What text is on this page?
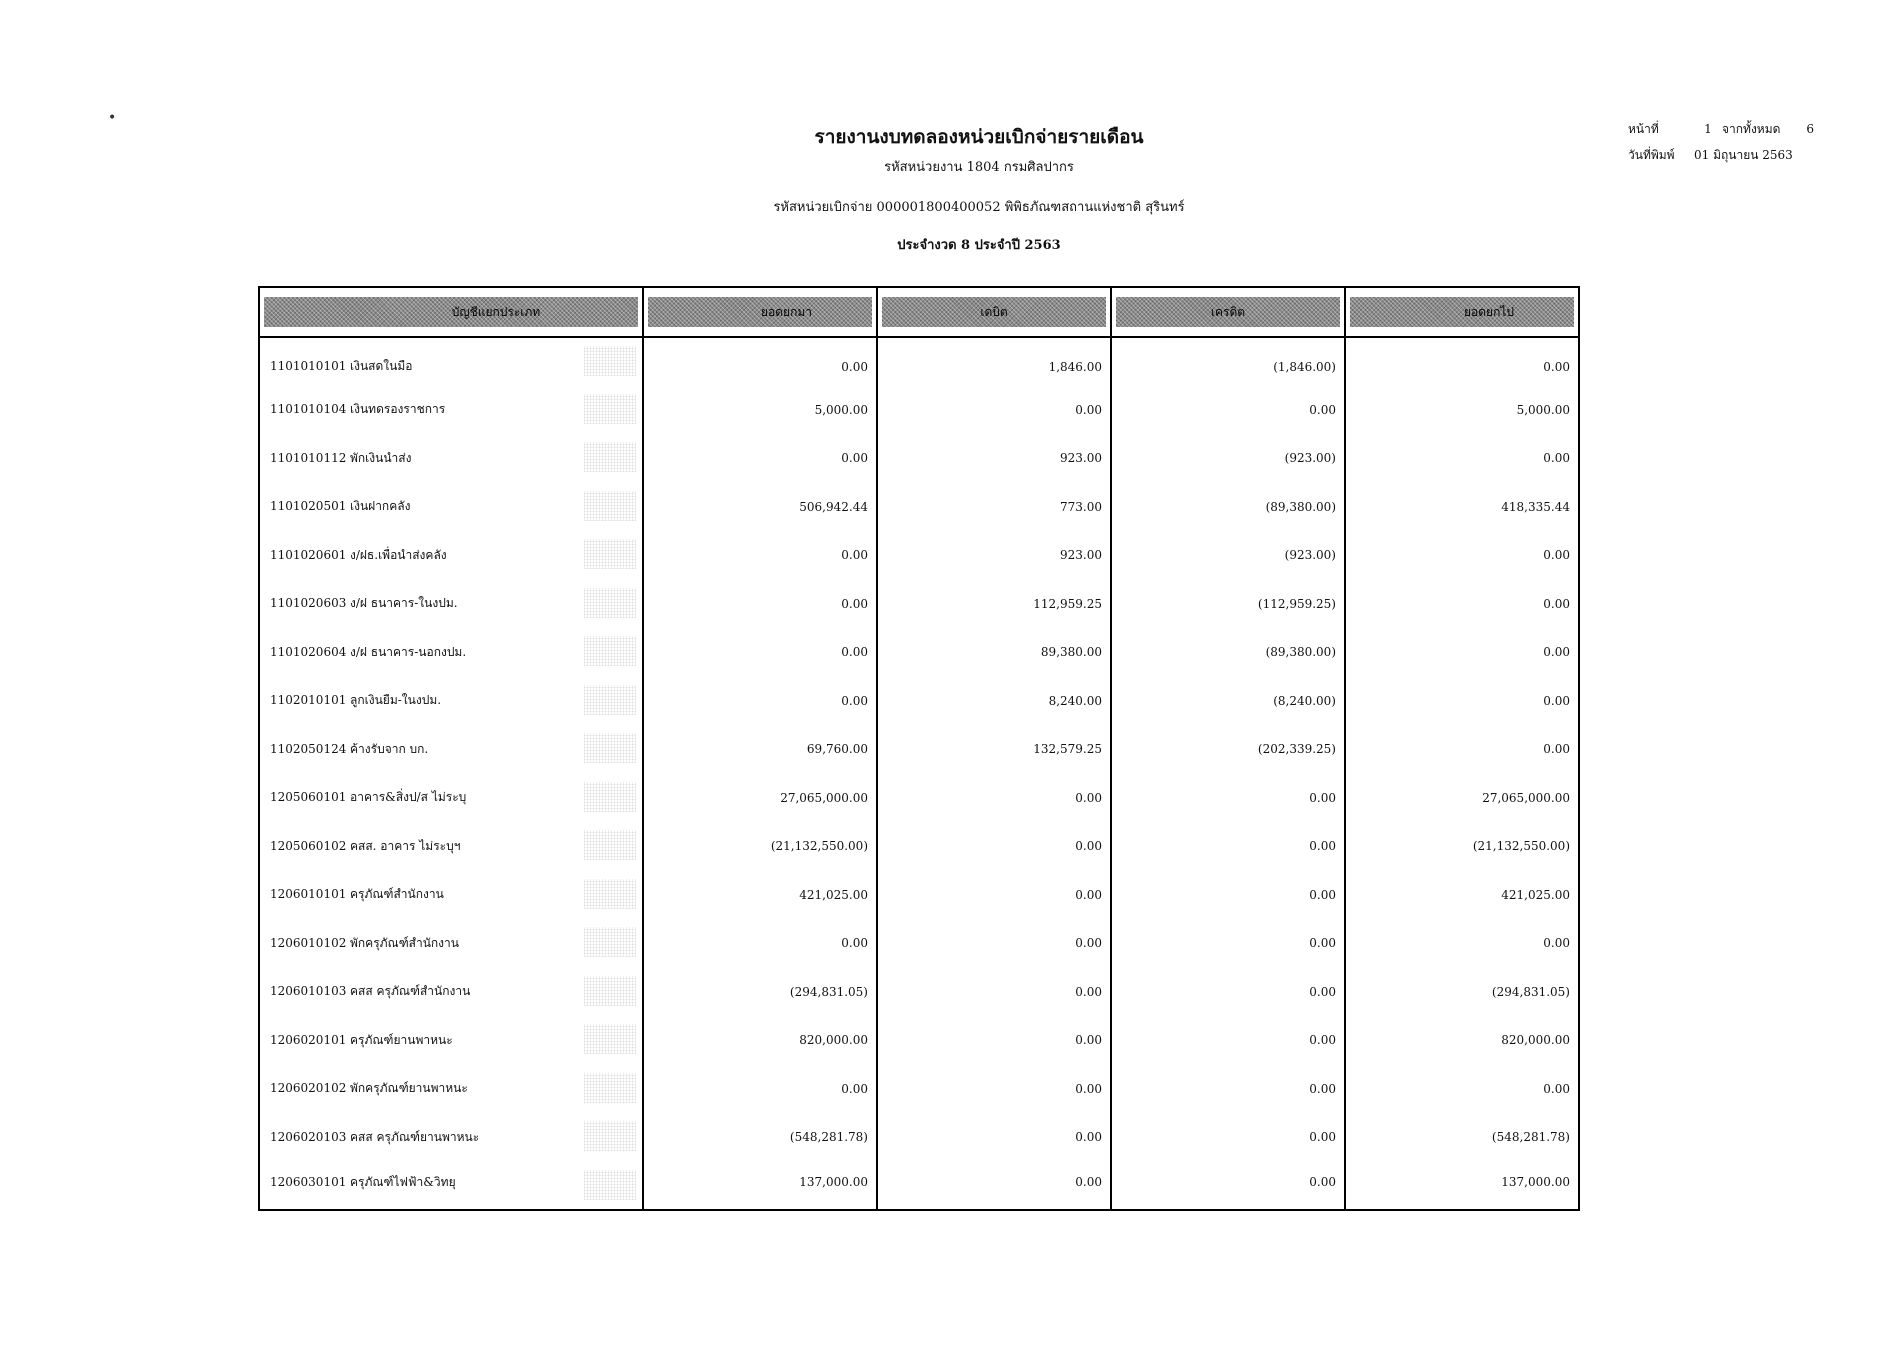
•
รายงานงบทดลองหน่วยเบิกจ่ายรายเดือน
รหัสหน่วยงาน 1804 กรมศิลปากร
รหัสหน่วยเบิกจ่าย 000001800400052 พิพิธภัณฑสถานแห่งชาติ สุรินทร์
ประจำงวด 8 ประจำปี 2563
หน้าที่	1 จากทั้งหมด 6
วันที่พิมพ์ 01 มิถุนายน 2563
บัญชีแยกประเภท	ยอดยกมา	เดบิต	เครดิต	ยอดยกไป

1101010101 เงินสดในมือ	0.00	1,846.00	(1,846.00)	0.00
1101010104 เงินทดรองราชการ	5,000.00	0.00	0.00	5,000.00
1101010112 พักเงินนำส่ง	0.00	923.00	(923.00)	0.00
1101020501 เงินฝากคลัง	506,942.44	773.00	(89,380.00)	418,335.44
1101020601 ง/ฝธ.เพื่อนำส่งคลัง	0.00	923.00	(923.00)	0.00
1101020603 ง/ฝ ธนาคาร-ในงปม.	0.00	112,959.25	(112,959.25)	0.00
1101020604 ง/ฝ ธนาคาร-นอกงปม.	0.00	89,380.00	(89,380.00)	0.00
1102010101 ลูกเงินยืม-ในงปม.	0.00	8,240.00	(8,240.00)	0.00
1102050124 ค้างรับจาก บก.	69,760.00	132,579.25	(202,339.25)	0.00
1205060101 อาคาร&สิ่งป/ส ไม่ระบุ	27,065,000.00	0.00	0.00	27,065,000.00
1205060102 คสส. อาคาร ไม่ระบุฯ	(21,132,550.00)	0.00	0.00	(21,132,550.00)
1206010101 ครุภัณฑ์สำนักงาน	421,025.00	0.00	0.00	421,025.00
1206010102 พักครุภัณฑ์สำนักงาน	0.00	0.00	0.00	0.00
1206010103 คสส ครุภัณฑ์สำนักงาน	(294,831.05)	0.00	0.00	(294,831.05)
1206020101 ครุภัณฑ์ยานพาหนะ	820,000.00	0.00	0.00	820,000.00
1206020102 พักครุภัณฑ์ยานพาหนะ	0.00	0.00	0.00	0.00
1206020103 คสส ครุภัณฑ์ยานพาหนะ	(548,281.78)	0.00	0.00	(548,281.78)
1206030101 ครุภัณฑ์ไฟฟ้า&วิทยุ	137,000.00	0.00	0.00	137,000.00
